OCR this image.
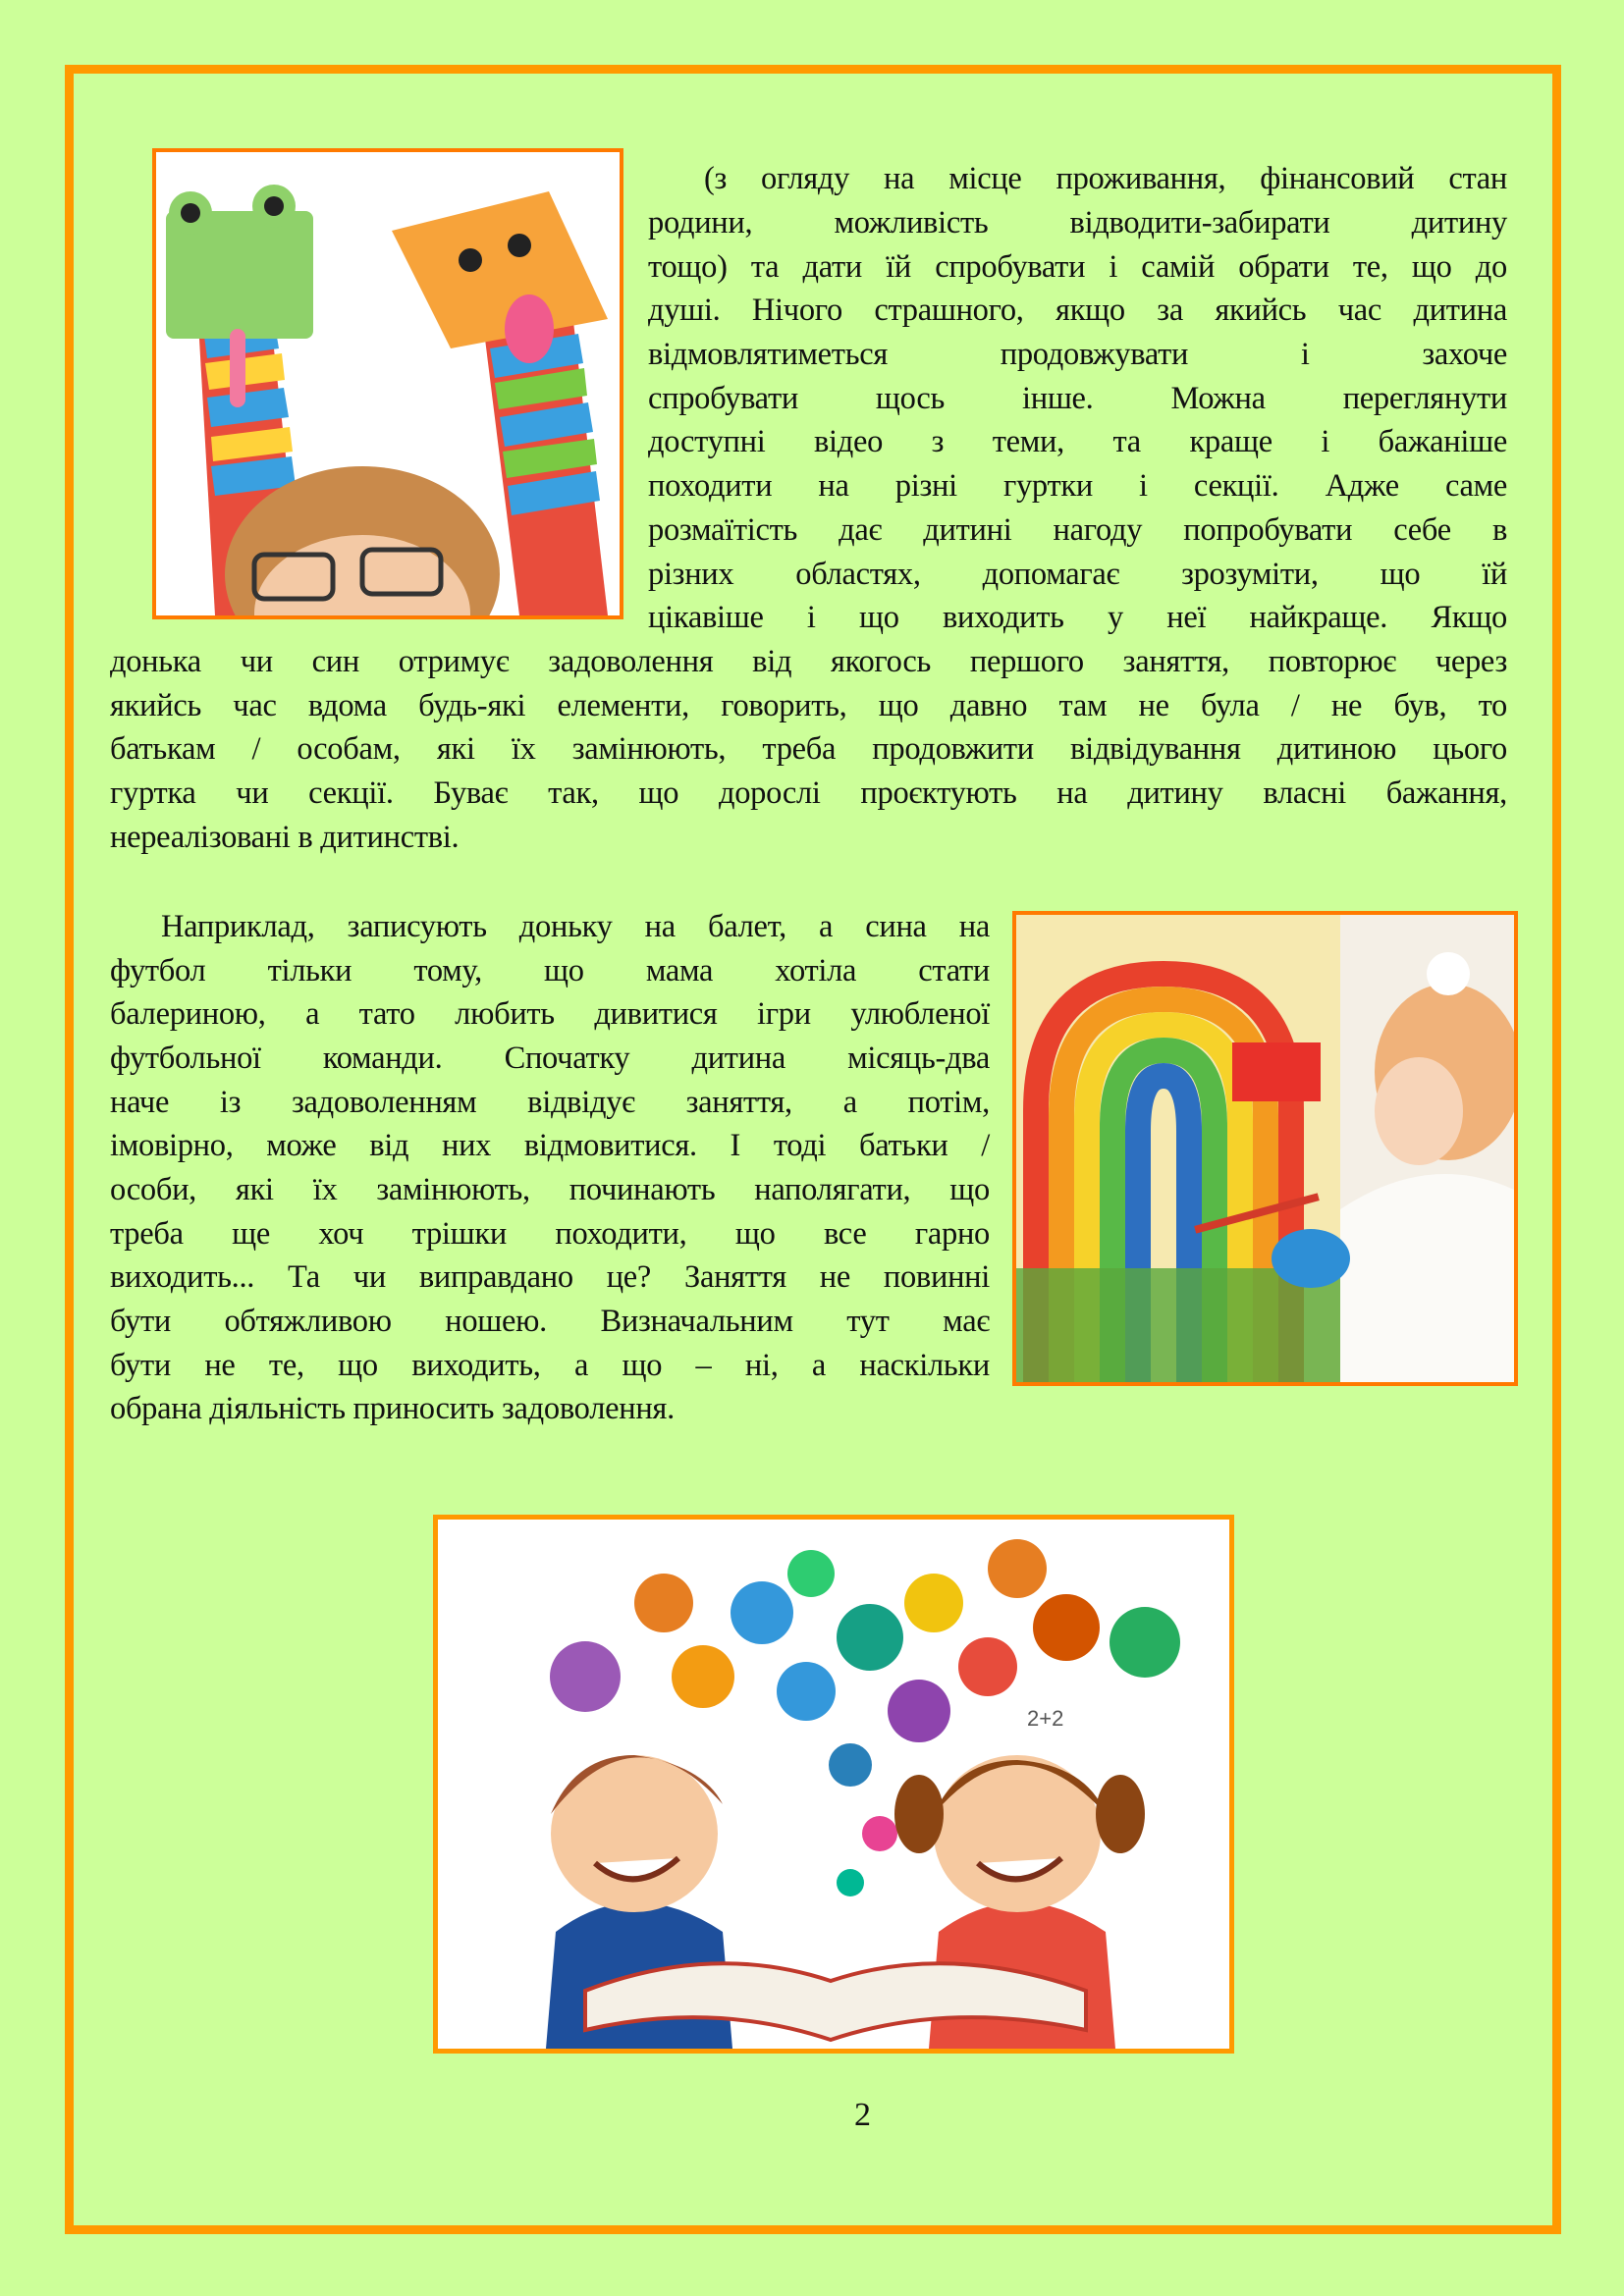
(з огляду на місце проживання, фінансовий стан
родини, можливість відводити-забирати дитину
тощо) та дати їй спробувати і самій обрати те, що до
душі. Нічого страшного, якщо за якийсь час дитина
відмовлятиметься продовжувати і захоче
спробувати щось інше. Можна переглянути
доступні відео з теми, та краще і бажаніше
походити на різні гуртки і секції. Адже саме
розмаїтість дає дитині нагоду попробувати себе в
різних областях, допомагає зрозуміти, що їй
цікавіше і що виходить у неї найкраще. Якщо
донька чи син отримує задоволення від якогось першого заняття, повторює через
якийсь час вдома будь-які елементи, говорить, що давно там не була / не був, то
батькам / особам, які їх замінюють, треба продовжити відвідування дитиною цього
гуртка чи секції. Буває так, що дорослі проєктують на дитину власні бажання,
нереалізовані в дитинстві.
Наприклад, записують доньку на балет, а сина на
футбол тільки тому, що мама хотіла стати
балериною, а тато любить дивитися ігри улюбленої
футбольної команди. Спочатку дитина місяць-два
наче із задоволенням відвідує заняття, а потім,
імовірно, може від них відмовитися. І тоді батьки /
особи, які їх замінюють, починають наполягати, що
треба ще хоч трішки походити, що все гарно
виходить... Та чи виправдано це? Заняття не повинні
бути обтяжливою ношею. Визначальним тут має
бути не те, що виходить, а що – ні, а наскільки
обрана діяльність приносить задоволення.
2+2
2
